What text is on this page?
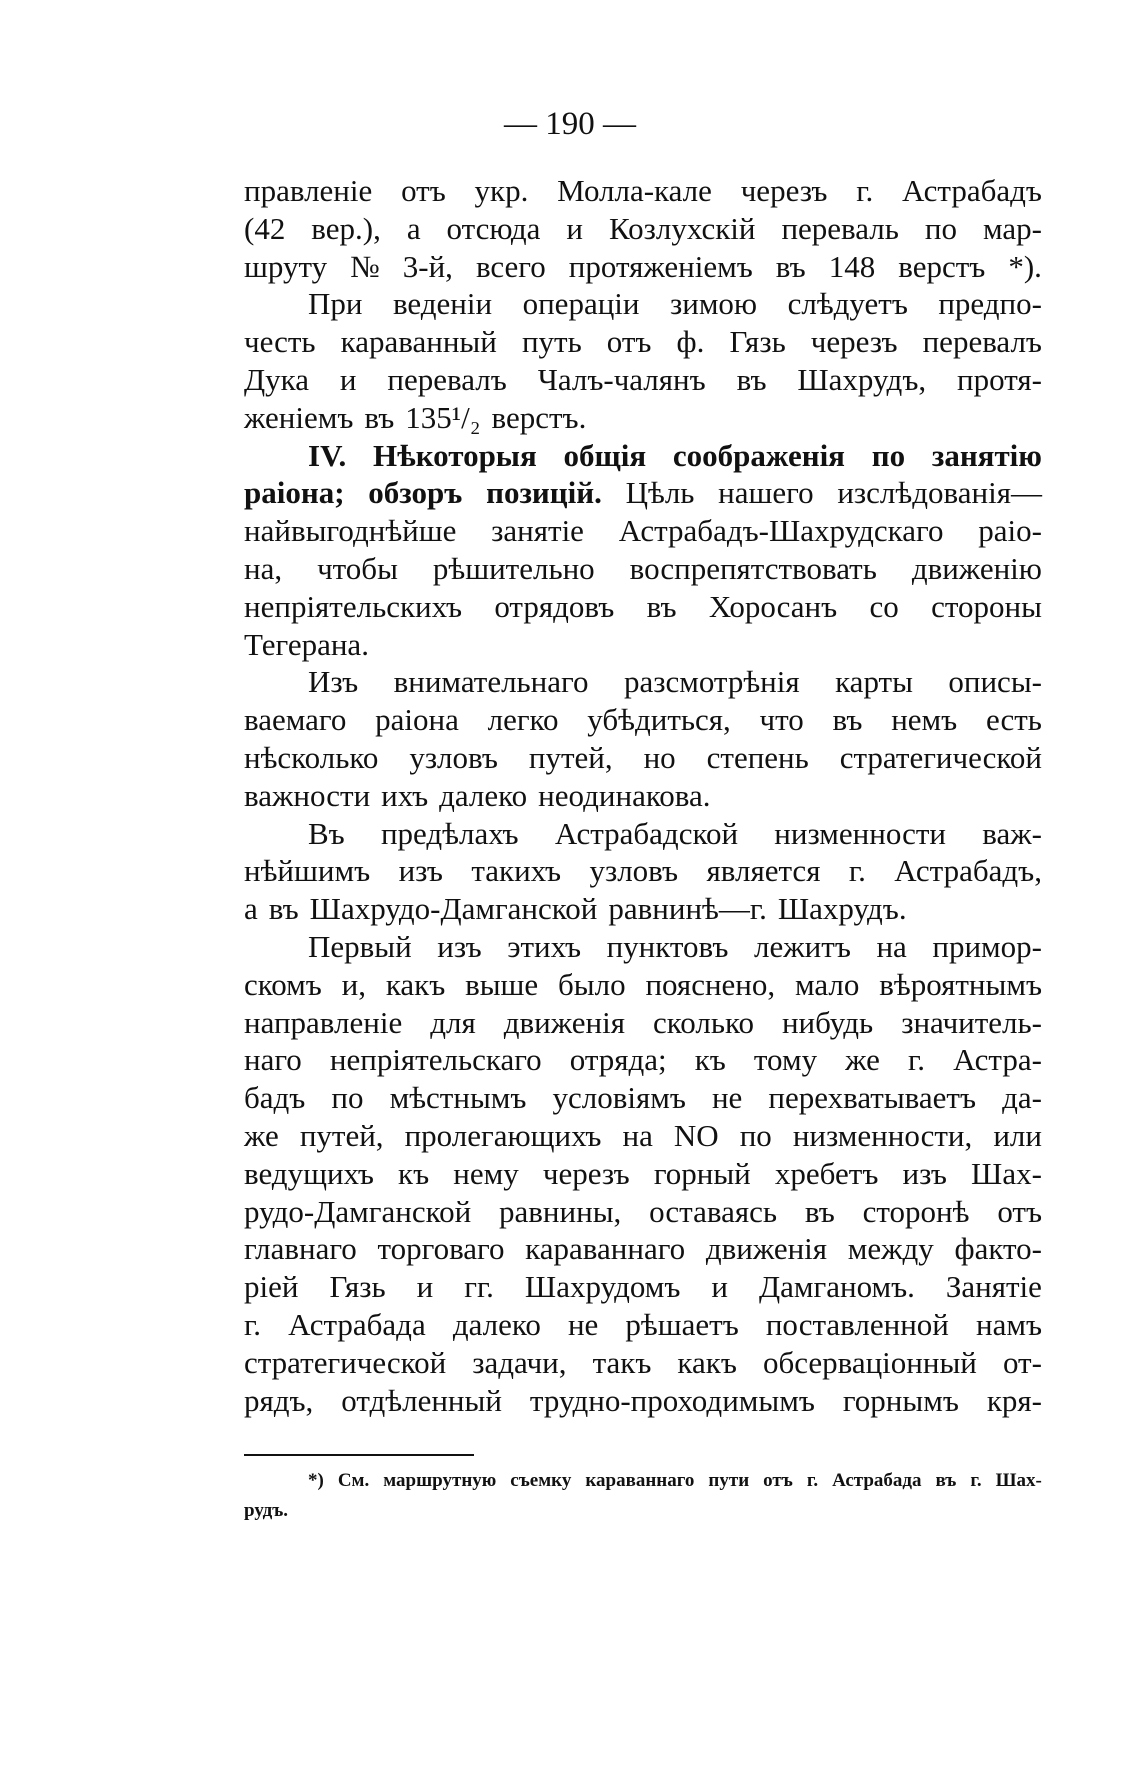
— 190 —
правленіе отъ укр. Молла-кале черезъ г. Астрабадъ
(42 вер.), а отсюда и Козлухскій переваль по мар-
шруту № 3-й, всего протяженіемъ въ 148 верстъ *).
При веденіи операціи зимою слѣдуетъ предпо-
честь караванный путь отъ ф. Гязь черезъ перевалъ
Дука и перевалъ Чалъ-чалянъ въ Шахрудъ, протя-
женіемъ въ 135¹/₂ верстъ.
IV. Нѣкоторыя общія соображенія по занятію
раіона; обзоръ позицій. Цѣль нашего изслѣдованія—
найвыгоднѣйше занятіе Астрабадъ-Шахрудскаго раіо-
на, чтобы рѣшительно воспрепятствовать движенію
непріятельскихъ отрядовъ въ Хоросанъ со стороны
Тегерана.
Изъ внимательнаго разсмотрѣнія карты описы-
ваемаго раіона легко убѣдиться, что въ немъ есть
нѣсколько узловъ путей, но степень стратегической
важности ихъ далеко неодинакова.
Въ предѣлахъ Астрабадской низменности важ-
нѣйшимъ изъ такихъ узловъ является г. Астрабадъ,
а въ Шахрудо-Дамганской равнинѣ—г. Шахрудъ.
Первый изъ этихъ пунктовъ лежитъ на примор-
скомъ и, какъ выше было пояснено, мало вѣроятнымъ
направленіе для движенія сколько нибудь значитель-
наго непріятельскаго отряда; къ тому же г. Астра-
бадъ по мѣстнымъ условіямъ не перехватываетъ да-
же путей, пролегающихъ на NO по низменности, или
ведущихъ къ нему черезъ горный хребетъ изъ Шах-
рудо-Дамганской равнины, оставаясь въ сторонѣ отъ
главнаго торговаго караваннаго движенія между факто-
ріей Гязь и гг. Шахрудомъ и Дамганомъ. Занятіе
г. Астрабада далеко не рѣшаетъ поставленной намъ
стратегической задачи, такъ какъ обсерваціонный от-
рядъ, отдѣленный трудно-проходимымъ горнымъ кря-
*) См. маршрутную съемку караваннаго пути отъ г. Астрабада въ г. Шах-
рудъ.
